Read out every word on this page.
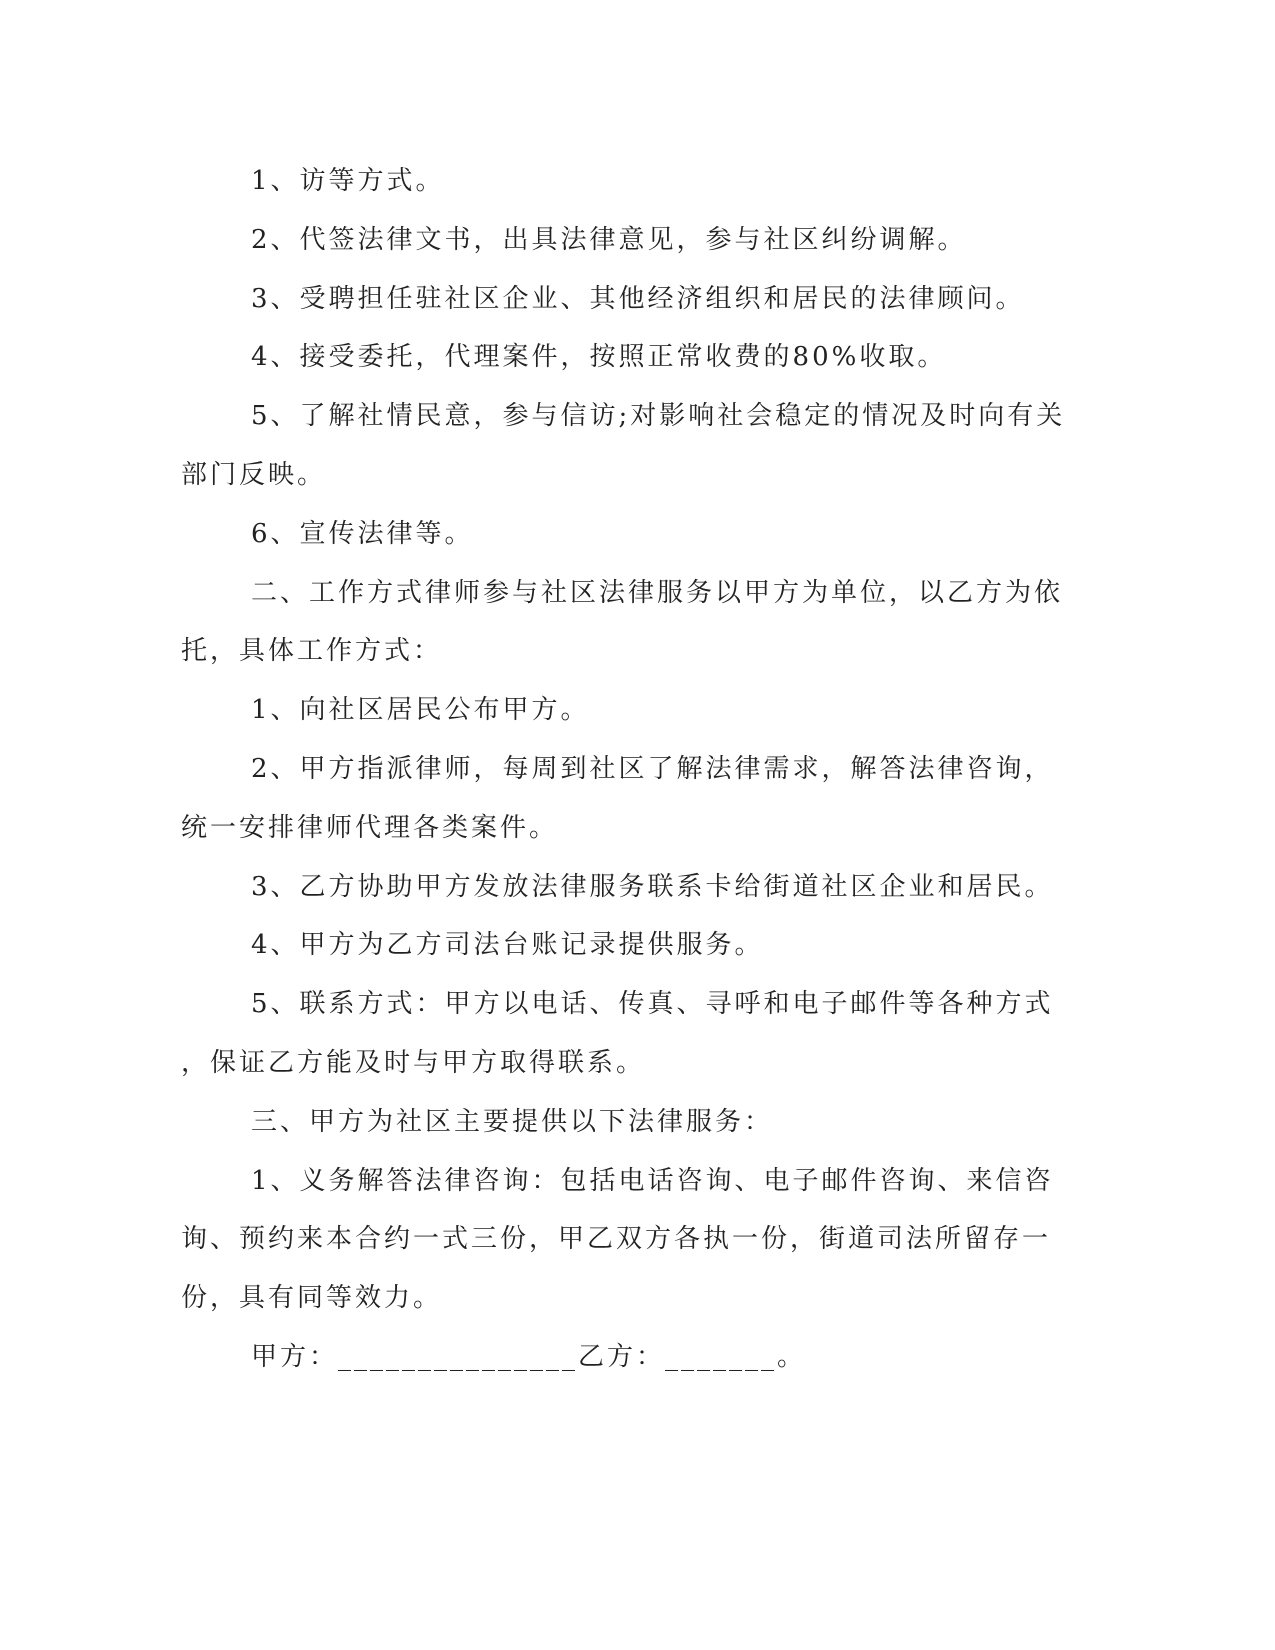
1、访等方式。
2、代签法律文书，出具法律意见，参与社区纠纷调解。
3、受聘担任驻社区企业、其他经济组织和居民的法律顾问。
4、接受委托，代理案件，按照正常收费的80%收取。
5、了解社情民意，参与信访;对影响社会稳定的情况及时向有关
部门反映。
6、宣传法律等。
二、工作方式律师参与社区法律服务以甲方为单位，以乙方为依
托，具体工作方式：
1、向社区居民公布甲方。
2、甲方指派律师，每周到社区了解法律需求，解答法律咨询，
统一安排律师代理各类案件。
3、乙方协助甲方发放法律服务联系卡给街道社区企业和居民。
4、甲方为乙方司法台账记录提供服务。
5、联系方式：甲方以电话、传真、寻呼和电子邮件等各种方式
，保证乙方能及时与甲方取得联系。
三、甲方为社区主要提供以下法律服务：
1、义务解答法律咨询：包括电话咨询、电子邮件咨询、来信咨
询、预约来本合约一式三份，甲乙双方各执一份，街道司法所留存一
份，具有同等效力。
甲方：_______________乙方：_______。
